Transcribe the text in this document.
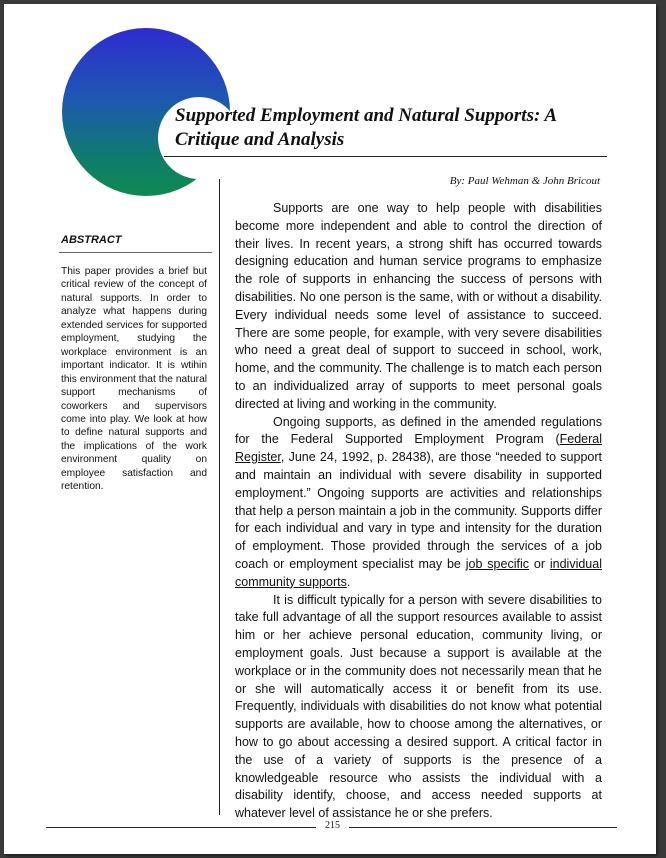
Supported Employment and Natural Supports: A Critique and Analysis
By: Paul Wehman & John Bricout
ABSTRACT
This paper provides a brief but critical review of the concept of natural supports. In order to analyze what happens during extended services for supported employment, studying the workplace environment is an important indicator. It is wtihin this environment that the natural support mechanisms of coworkers and supervisors come into play. We look at how to define natural supports and the implications of the work environment quality on employee satisfaction and retention.

Supports are one way to help people with disabilities become more independent and able to control the direction of their lives. In recent years, a strong shift has occurred towards designing education and human service programs to emphasize the role of supports in enhancing the success of persons with disabilities. No one person is the same, with or without a disability. Every individual needs some level of assistance to succeed. There are some people, for example, with very severe disabilities who need a great deal of support to succeed in school, work, home, and the community. The challenge is to match each person to an individualized array of supports to meet personal goals directed at living and working in the community.

Ongoing supports, as defined in the amended regulations for the Federal Supported Employment Program (Federal Register, June 24, 1992, p. 28438), are those “needed to support and maintain an individual with severe disability in supported employment.” Ongoing supports are activities and relationships that help a person maintain a job in the community. Supports differ for each individual and vary in type and intensity for the duration of employment. Those provided through the services of a job coach or employment specialist may be job specific or individual community supports.

It is difficult typically for a person with severe disabilities to take full advantage of all the support resources available to assist him or her achieve personal education, community living, or employment goals. Just because a support is available at the workplace or in the community does not necessarily mean that he or she will automatically access it or benefit from its use. Frequently, individuals with disabilities do not know what potential supports are available, how to choose among the alternatives, or how to go about accessing a desired support. A critical factor in the use of a variety of supports is the presence of a knowledgeable resource who assists the individual with a disability identify, choose, and access needed supports at whatever level of assistance he or she prefers.

215
